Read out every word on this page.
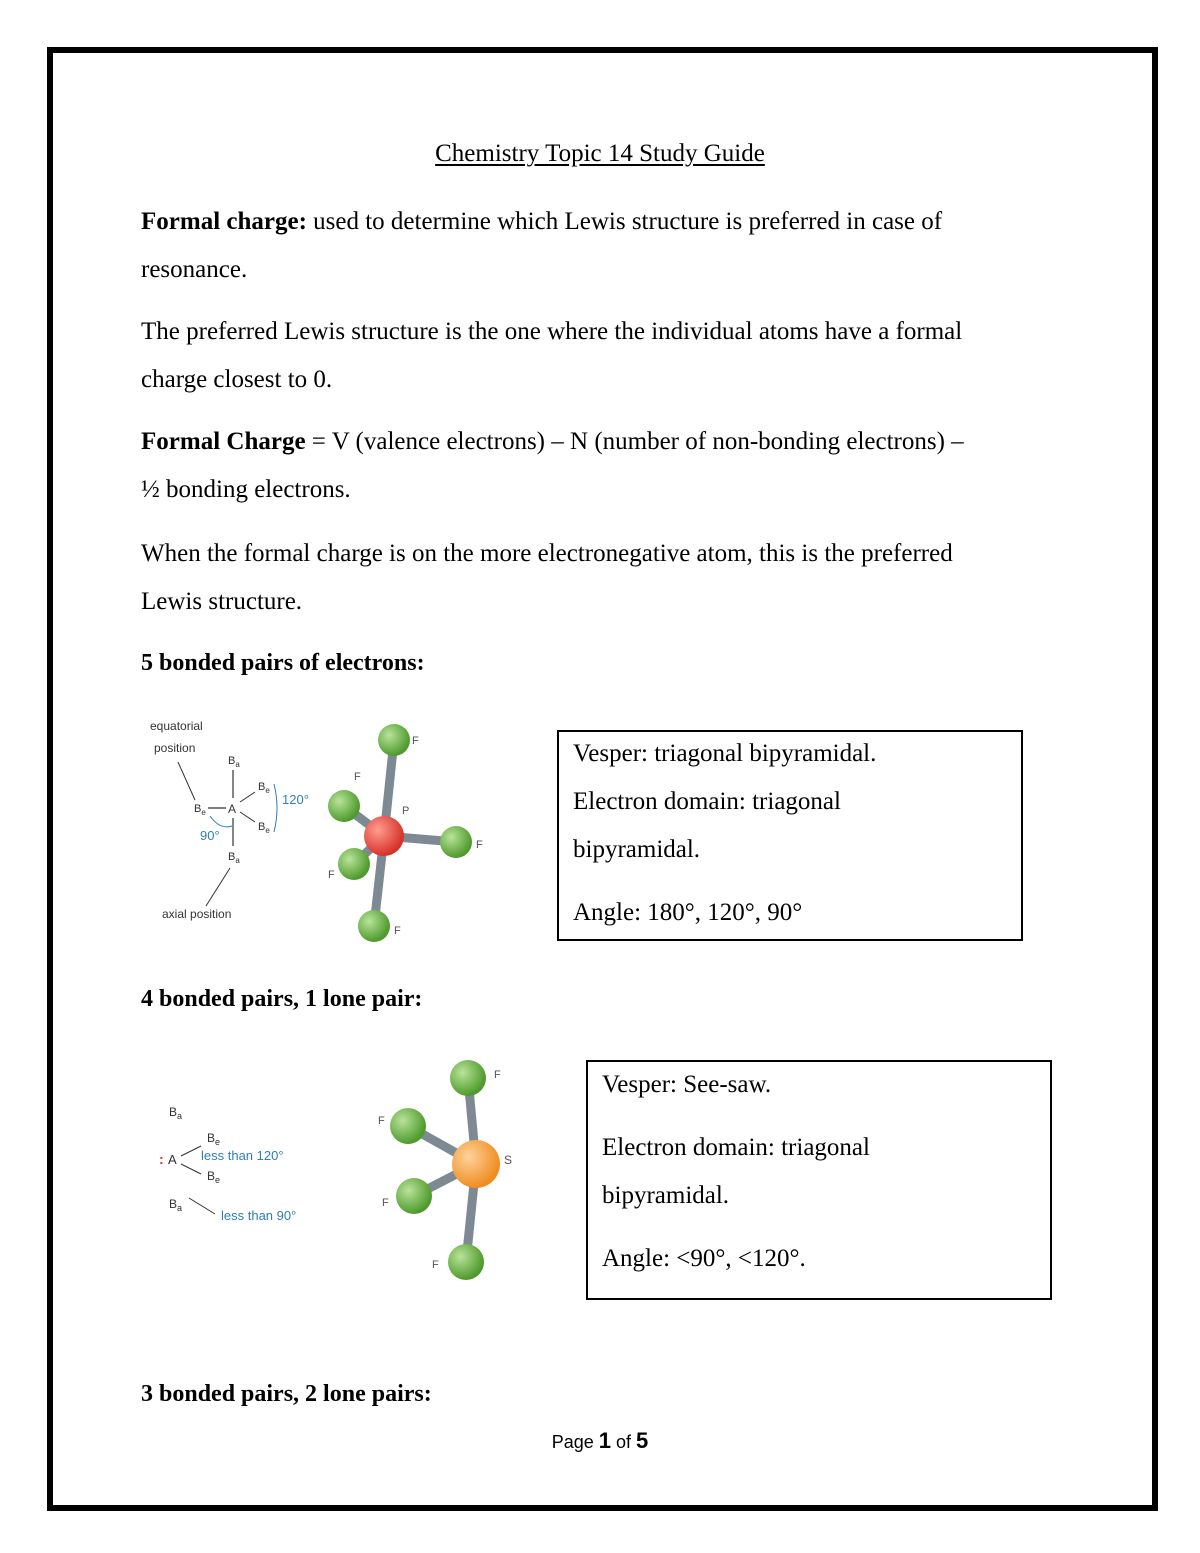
Chemistry Topic 14 Study Guide

Formal charge: used to determine which Lewis structure is preferred in case of
resonance.

The preferred Lewis structure is the one where the individual atoms have a formal
charge closest to 0.

Formal Charge = V (valence electrons) – N (number of non-bonding electrons) –
½ bonding electrons.

When the formal charge is on the more electronegative atom, this is the preferred
Lewis structure.

5 bonded pairs of electrons:

equatorial
position
$B_a$
A
$B_e$
$B_e$
$B_e$
120°
90°
$B_a$
axial position
F
F
P
F
F
F

Vesper: triagonal bipyramidal.

Electron domain: triagonal

bipyramidal.

Angle: 180°, 120°, 90°

4 bonded pairs, 1 lone pair:

$B_a$
: A
$B_e$
$B_e$
less than 120°
$B_a$	less than 90°
F
F
S
F
F

Vesper: See-saw.

Electron domain: triagonal

bipyramidal.

Angle: <90°, <120°.

3 bonded pairs, 2 lone pairs:

Page 1 of 5
